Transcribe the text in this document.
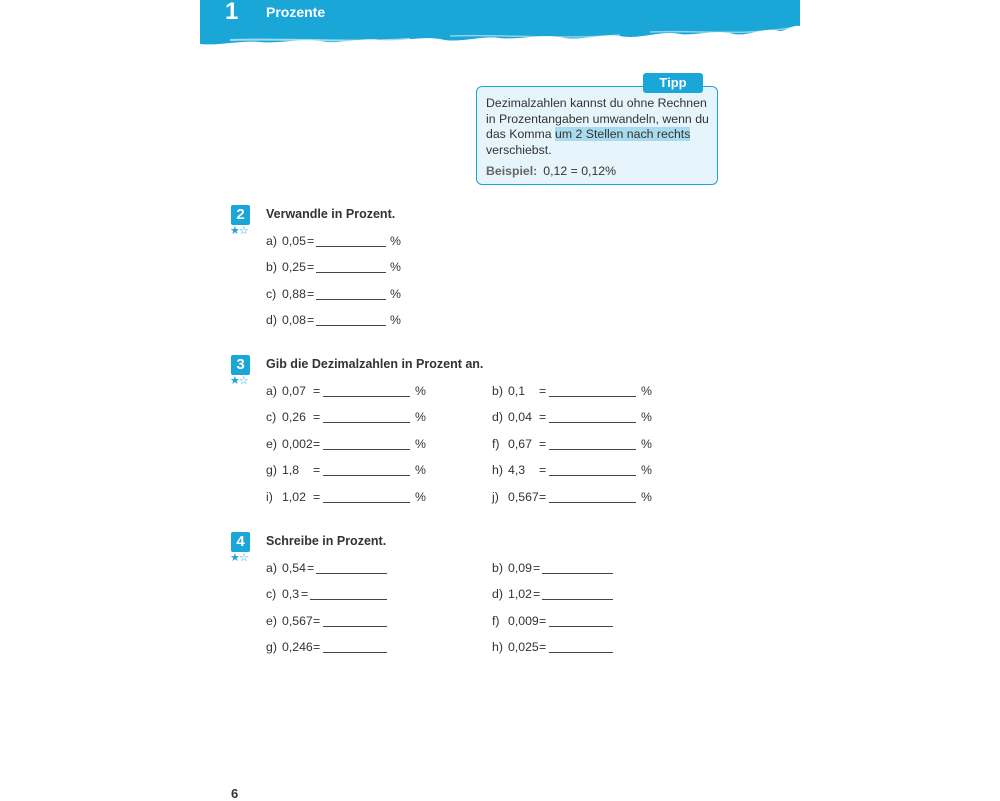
1 Prozente
Tipp
Dezimalzahlen kannst du ohne Rechnen in Prozentangaben umwandeln, wenn du das Komma um 2 Stellen nach rechts verschiebst.
Beispiel: 0,12 = 0,12%
2
★☆
Verwandle in Prozent.
a) 0,05 =	%
b) 0,25 =	%
c) 0,88 =	%
d) 0,08 =	%
3
★☆
Gib die Dezimalzahlen in Prozent an.
a) 0,07 =	%
c) 0,26 =	%
e) 0,002 =	%
g) 1,8 =	%
i) 1,02 =	%
b) 0,1 =	%
d) 0,04 =	%
f) 0,67 =	%
h) 4,3 =	%
j) 0,567 =	%
4
★☆
Schreibe in Prozent.
a) 0,54 =
c) 0,3 =
e) 0,567 =
g) 0,246 =
b) 0,09 =
d) 1,02 =
f) 0,009 =
h) 0,025 =
6
